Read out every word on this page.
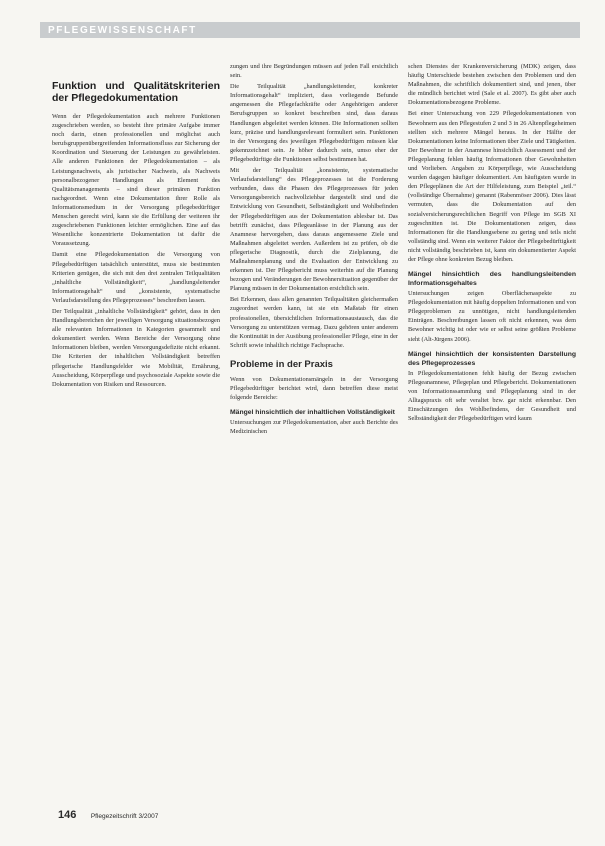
PFLEGEWISSENSCHAFT
Funktion und Qualitätskriterien der Pflegedokumentation

Wenn der Pflegedokumentation auch mehrere Funktionen zugeschrieben werden, so besteht ihre primäre Aufgabe immer noch darin, einen professionellen und möglichst auch berufsgruppenübergreifenden Informationsfluss zur Sicherung der Koordination und Steuerung der Leistungen zu gewährleisten. Alle anderen Funktionen der Pflegedokumentation – als Leistungsnachweis, als juristischer Nachweis, als Nachweis personalbezogener Handlungen als Element des Qualitätsmanagements – sind dieser primären Funktion nachgeordnet. Wenn eine Dokumentation ihrer Rolle als Informationsmedium in der Versorgung pflegebedürftiger Menschen gerecht wird, kann sie die Erfüllung der weiteren ihr zugeschriebenen Funktionen leichter ermöglichen. Eine auf das Wesentliche konzentrierte Dokumentation ist dafür die Voraussetzung.

Damit eine Pflegedokumentation die Versorgung von Pflegebedürftigen tatsächlich unterstützt, muss sie bestimmten Kriterien genügen, die sich mit den drei zentralen Teilqualitäten „inhaltliche Vollständigkeit“, „handlungsleitender Informationsgehalt“ und „konsistente, systematische Verlaufsdarstellung des Pflegeprozesses“ beschreiben lassen.

Der Teilqualität „inhaltliche Vollständigkeit“ gehört, dass in den Handlungsbereichen der jeweiligen Versorgung situationsbezogen alle relevanten Informationen in Kategorien gesammelt und dokumentiert werden. Wenn Bereiche der Versorgung ohne Informationen bleiben, werden Versorgungsdefizite nicht erkannt. Die Kriterien der inhaltlichen Vollständigkeit betreffen pflegerische Handlungsfelder wie Mobilität, Ernährung, Ausscheidung, Körperpflege und psychosoziale Aspekte sowie die Dokumentation von Risiken und Ressourcen.

zungen und ihre Begründungen müssen auf jeden Fall ersichtlich sein.

Die Teilqualität „handlungsleitender, konkreter Informationsgehalt“ impliziert, dass vorliegende Befunde angemessen die Pflegefachkräfte oder Angehörigen anderer Berufsgruppen so konkret beschreiben sind, dass daraus Handlungen abgeleitet werden können. Die Informationen sollten kurz, präzise und handlungsrelevant formuliert sein. Funktionen in der Versorgung des jeweiligen Pflegebedürftigen müssen klar gekennzeichnet sein. Je höher dadurch sein, umso eher der Pflegebedürftige die Funktionen selbst bestimmen hat.

Mit der Teilqualität „konsistente, systematische Verlaufsdarstellung“ des Pflegeprozesses ist die Forderung verbunden, dass die Phasen des Pflegeprozesses für jeden Versorgungsbereich nachvollziehbar dargestellt sind und die Entwicklung von Gesundheit, Selbständigkeit und Wohlbefinden der Pflegebedürftigen aus der Dokumentation ablesbar ist. Das betrifft zunächst, dass Pflegeanlässe in der Planung aus der Anamnese hervorgehen, dass daraus angemessene Ziele und Maßnahmen abgeleitet werden. Außerdem ist zu prüfen, ob die pflegerische Diagnostik, durch die Zielplanung, die Maßnahmenplanung und die Evaluation der Entwicklung zu erkennen ist. Der Pflegebericht muss weiterhin auf die Planung bezogen und Veränderungen der Bewohnersituation gegenüber der Planung müssen in der Dokumentation ersichtlich sein.

Bei Erkennen, dass allen genannten Teilqualitäten gleichermaßen zugeordnet werden kann, ist sie ein Maßstab für einen professionellen, übersichtlichen Informationsaustausch, das die Versorgung zu unterstützen vermag. Dazu gehören unter anderem die Kontinuität in der Ausübung professioneller Pflege, eine in der Schrift sowie inhaltlich richtige Fachsprache.

Probleme in der Praxis

Wenn von Dokumentationsmängeln in der Versorgung Pflegebedürftiger berichtet wird, dann betreffen diese meist folgende Bereiche:

Mängel hinsichtlich der inhaltlichen Vollständigkeit

Untersuchungen zur Pflegedokumentation, aber auch Berichte des Medizinischen

schen Dienstes der Krankenversicherung (MDK) zeigen, dass häufig Unterschiede bestehen zwischen den Problemen und den Maßnahmen, die schriftlich dokumentiert sind, und jenen, über die mündlich berichtet wird (Sale et al. 2007). Es gibt aber auch Dokumentationsbezogene Probleme.

Bei einer Untersuchung von 229 Pflegedokumentationen von Bewohnern aus den Pflegestufen 2 und 3 in 26 Altenpflegeheimen stellten sich mehrere Mängel heraus. In der Hälfte der Dokumentationen keine Informationen über Ziele und Tätigkeiten. Der Bewohner in der Anamnese hinsichtlich Assessment und der Pflegeplanung fehlen häufig Informationen über Gewohnheiten und Vorlieben. Angaben zu Körperpflege, wie Ausscheidung wurden dagegen häufiger dokumentiert. Am häufigsten wurde in den Pflegeplänen die Art der Hilfeleistung, zum Beispiel „teil.“ (vollständige Übernahme) genannt (Rabenmöser 2006). Dies lässt vermuten, dass die Dokumentation auf den sozialversicherungsrechtlichen Begriff von Pflege im SGB XI zugeschnitten ist. Die Dokumentationen zeigen, dass Informationen für die Handlungsebene zu gering und teils nicht vollständig sind. Wenn ein weiterer Faktor der Pflegebedürftigkeit nicht vollständig beschrieben ist, kann ein dokumentierter Aspekt der Pflege ohne konkreten Bezug bleiben.

Mängel hinsichtlich des handlungsleitenden Informationsgehaltes

Untersuchungen zeigen Oberflächenaspekte zu Pflegedokumentation mit häufig doppelten Informationen und von Pflegeproblemen zu unnötigen, nicht handlungsleitenden Einträgen. Beschreibungen lassen oft nicht erkennen, was dem Bewohner wichtig ist oder wie er selbst seine größten Probleme sieht (Alt-Jürgens 2006).

Mängel hinsichtlich der konsistenten Darstellung des Pflegeprozesses

In Pflegedokumentationen fehlt häufig der Bezug zwischen Pflegeanamnese, Pflegeplan und Pflegebericht. Dokumentationen von Informationssammlung und Pflegeplanung sind in der Alltagspraxis oft sehr veraltet bzw. gar nicht erkennbar. Den Einschätzungen des Wohlbefindens, der Gesundheit und Selbständigkeit der Pflegebedürftigen wird kaum

146 Pflegezeitschrift 3/2007
